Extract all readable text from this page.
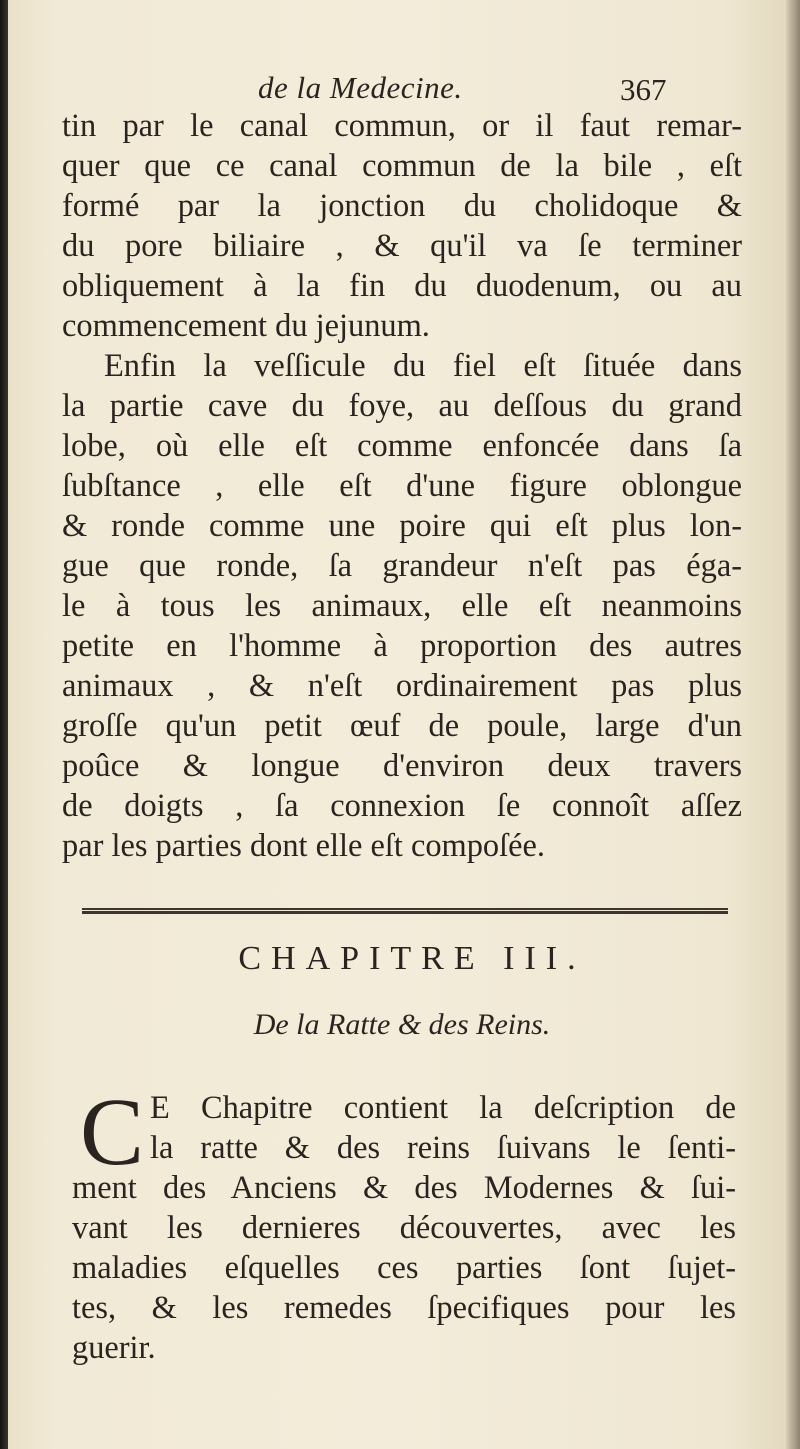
de la Medecine.	367
tin par le canal commun, or il faut remar-
quer que ce canal commun de la bile , eſt
formé par la jonction du cholidoque &
du pore biliaire , & qu'il va ſe terminer
obliquement à la fin du duodenum, ou au
commencement du jejunum.
Enfin la veſſicule du fiel eſt ſituée dans
la partie cave du foye, au deſſous du grand
lobe, où elle eſt comme enfoncée dans ſa
ſubſtance , elle eſt d'une figure oblongue
& ronde comme une poire qui eſt plus lon-
gue que ronde, ſa grandeur n'eſt pas éga-
le à tous les animaux, elle eſt neanmoins
petite en l'homme à proportion des autres
animaux , & n'eſt ordinairement pas plus
groſſe qu'un petit œuf de poule, large d'un
poûce & longue d'environ deux travers
de doigts , ſa connexion ſe connoît aſſez
par les parties dont elle eſt compoſée.
CHAPITRE III.
De la Ratte & des Reins.
C E Chapitre contient la deſcription de
la ratte & des reins ſuivans le ſenti-
ment des Anciens & des Modernes & ſui-
vant les dernieres découvertes, avec les
maladies eſquelles ces parties ſont ſujet-
tes, & les remedes ſpecifiques pour les
guerir.
